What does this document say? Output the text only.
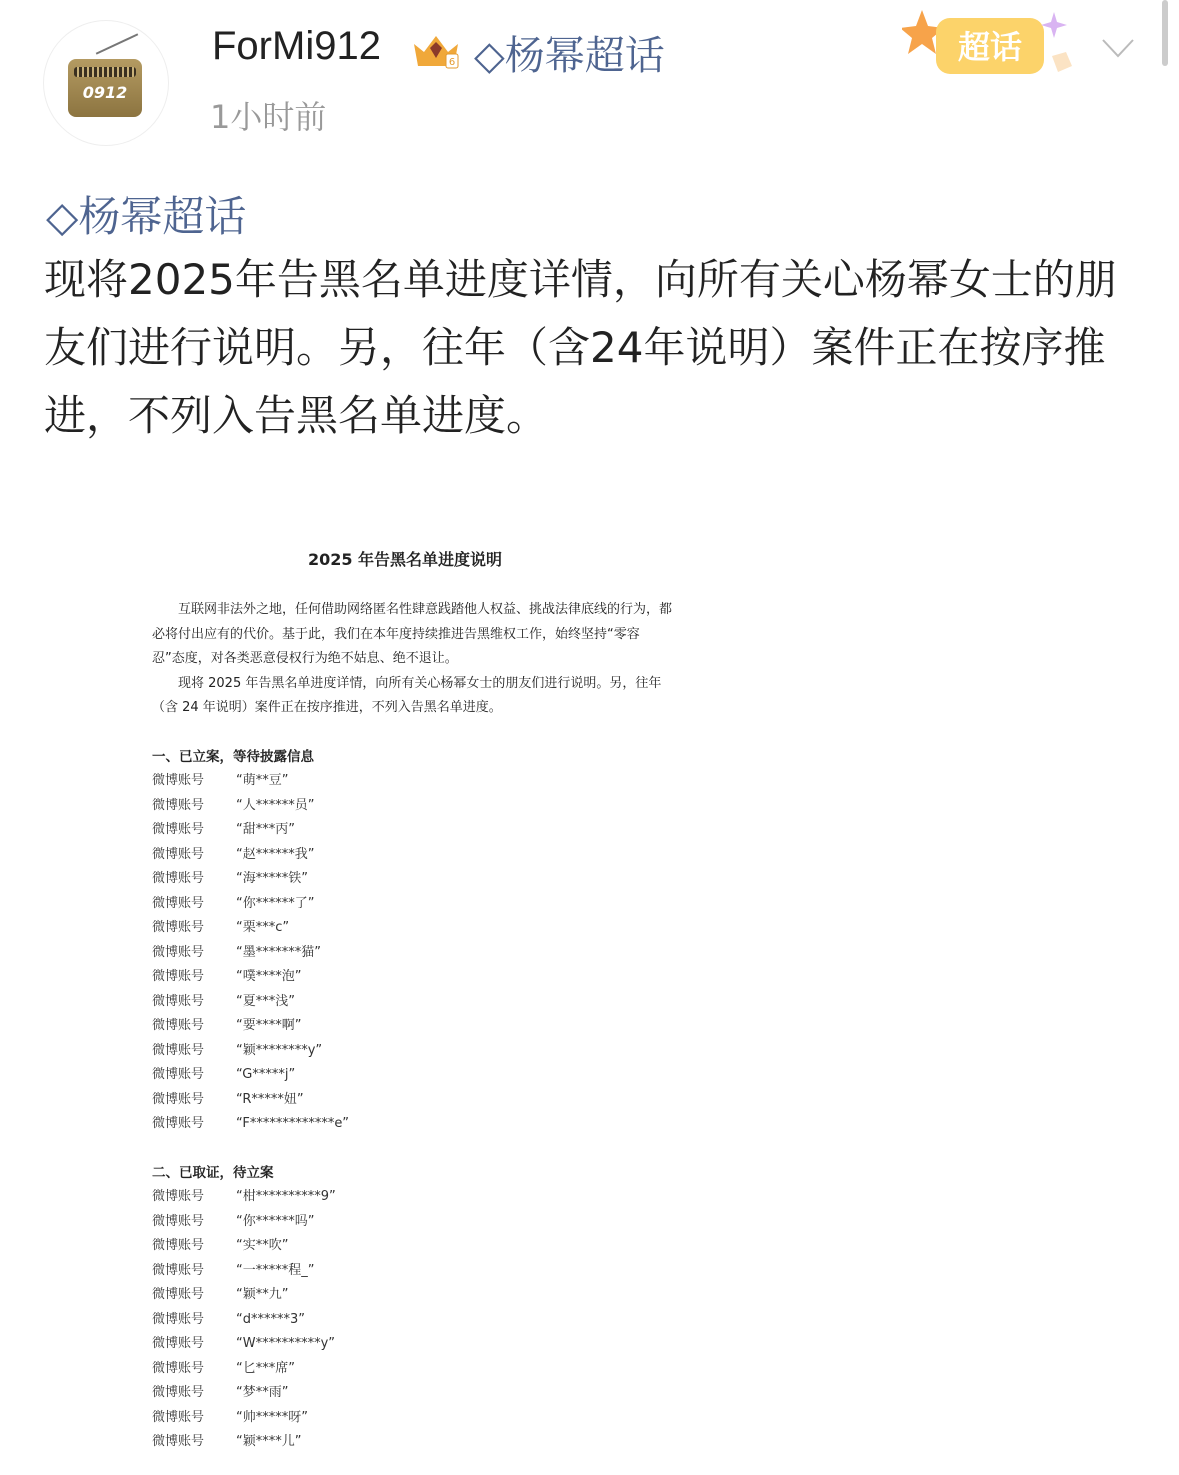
0912
ForMi912	6 ◇杨幂超话
1小时前
超话
◇杨幂超话
现将2025年告黑名单进度详情，向所有关心杨幂女士的朋友们进行说明。另，往年（含24年说明）案件正在按序推进，不列入告黑名单进度。
2025 年告黑名单进度说明

互联网非法外之地，任何借助网络匿名性肆意践踏他人权益、挑战法律底线的行为，都必将付出应有的代价。基于此，我们在本年度持续推进告黑维权工作，始终坚持“零容忍”态度，对各类恶意侵权行为绝不姑息、绝不退让。

现将 2025 年告黑名单进度详情，向所有关心杨幂女士的朋友们进行说明。另，往年（含 24 年说明）案件正在按序推进，不列入告黑名单进度。

一、已立案，等待披露信息
微博账号	“萌**豆”
微博账号	“人******员”
微博账号	“甜***丙”
微博账号	“赵******我”
微博账号	“海*****铁”
微博账号	“你******了”
微博账号	“栗***c”
微博账号	“墨*******猫”
微博账号	“噗****泡”
微博账号	“夏***浅”
微博账号	“要****啊”
微博账号	“颖********y”
微博账号	“G*****j”
微博账号	“R*****妞”
微博账号	“F*************e”
二、已取证，待立案
微博账号	“柑**********9”
微博账号	“你******吗”
微博账号	“实**吹”
微博账号	“一*****程_”
微博账号	“颖**九”
微博账号	“d******3”
微博账号	“W**********y”
微博账号	“匕***席”
微博账号	“梦**雨”
微博账号	“帅*****呀”
微博账号	“颖****儿”
